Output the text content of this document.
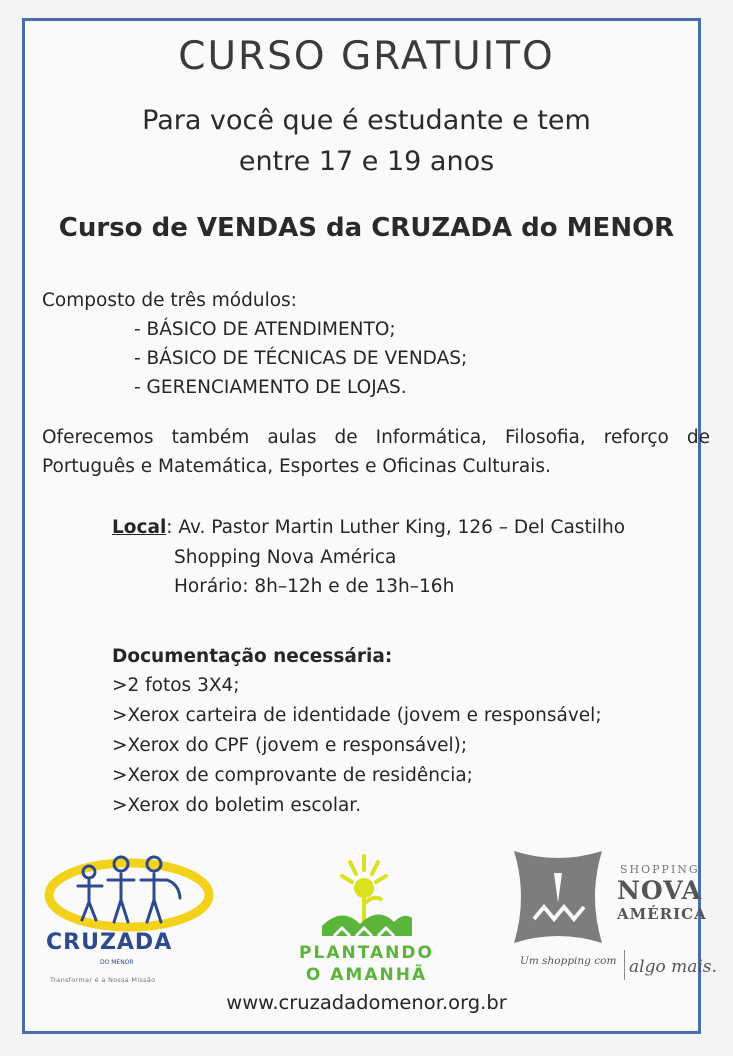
CURSO GRATUITO
Para você que é estudante e tem
entre 17 e 19 anos
Curso de VENDAS da CRUZADA do MENOR
Composto de três módulos:
- BÁSICO DE ATENDIMENTO;
- BÁSICO DE TÉCNICAS DE VENDAS;
- GERENCIAMENTO DE LOJAS.
Oferecemos também aulas de Informática, Filosofia, reforço de Português e Matemática, Esportes e Oficinas Culturais.
Local: Av. Pastor Martin Luther King, 126 – Del Castilho
Shopping Nova América
Horário: 8h–12h e de 13h–16h
Documentação necessária:
>2 fotos 3X4;
>Xerox carteira de identidade (jovem e responsável;
>Xerox do CPF (jovem e responsável);
>Xerox de comprovante de residência;
>Xerox do boletim escolar.
CRUZADA
DO MENOR
Transformar é a Nossa Missão
PLANTANDO
O AMANHÃ
SHOPPING
NOVA
AMÉRICA
Um shopping com algo mais.
www.cruzadadomenor.org.br
